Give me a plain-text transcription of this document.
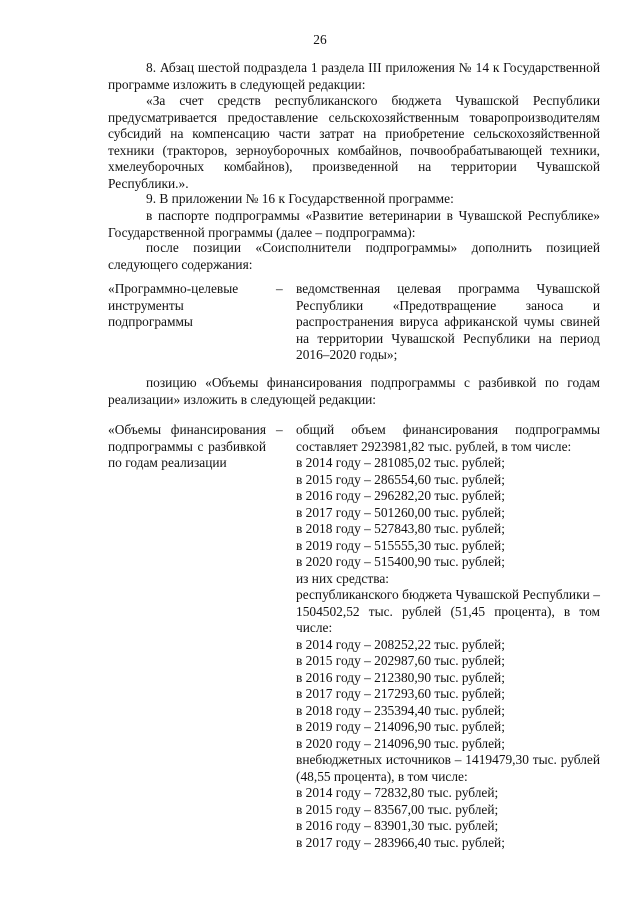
26

8. Абзац шестой подраздела 1 раздела III приложения № 14 к Государственной программе изложить в следующей редакции:

«За счет средств республиканского бюджета Чувашской Республики предусматривается предоставление сельскохозяйственным товаропроизводителям субсидий на компенсацию части затрат на приобретение сельскохозяйственной техники (тракторов, зерноуборочных комбайнов, почвообрабатывающей техники, хмелеуборочных комбайнов), произведенной на территории Чувашской Республики.».

9. В приложении № 16 к Государственной программе:

в паспорте подпрограммы «Развитие ветеринарии в Чувашской Республике» Государственной программы (далее – подпрограмма):

после позиции «Соисполнители подпрограммы» дополнить позицией следующего содержания:

«Программно-целевые инструменты подпрограммы
– ведомственная целевая программа Чувашской Республики «Предотвращение заноса и распространения вируса африканской чумы свиней на территории Чувашской Республики на период 2016–2020 годы»;

позицию «Объемы финансирования подпрограммы с разбивкой по годам реализации» изложить в следующей редакции:

«Объемы финансирования подпрограммы с разбивкой по годам реализации
– общий объем финансирования подпрограммы составляет 2923981,82 тыс. рублей, в том числе:
в 2014 году – 281085,02 тыс. рублей;
в 2015 году – 286554,60 тыс. рублей;
в 2016 году – 296282,20 тыс. рублей;
в 2017 году – 501260,00 тыс. рублей;
в 2018 году – 527843,80 тыс. рублей;
в 2019 году – 515555,30 тыс. рублей;
в 2020 году – 515400,90 тыс. рублей;
из них средства:
республиканского бюджета Чувашской Республики – 1504502,52 тыс. рублей (51,45 процента), в том числе:
в 2014 году – 208252,22 тыс. рублей;
в 2015 году – 202987,60 тыс. рублей;
в 2016 году – 212380,90 тыс. рублей;
в 2017 году – 217293,60 тыс. рублей;
в 2018 году – 235394,40 тыс. рублей;
в 2019 году – 214096,90 тыс. рублей;
в 2020 году – 214096,90 тыс. рублей;
внебюджетных источников – 1419479,30 тыс. рублей (48,55 процента), в том числе:
в 2014 году – 72832,80 тыс. рублей;
в 2015 году – 83567,00 тыс. рублей;
в 2016 году – 83901,30 тыс. рублей;
в 2017 году – 283966,40 тыс. рублей;
